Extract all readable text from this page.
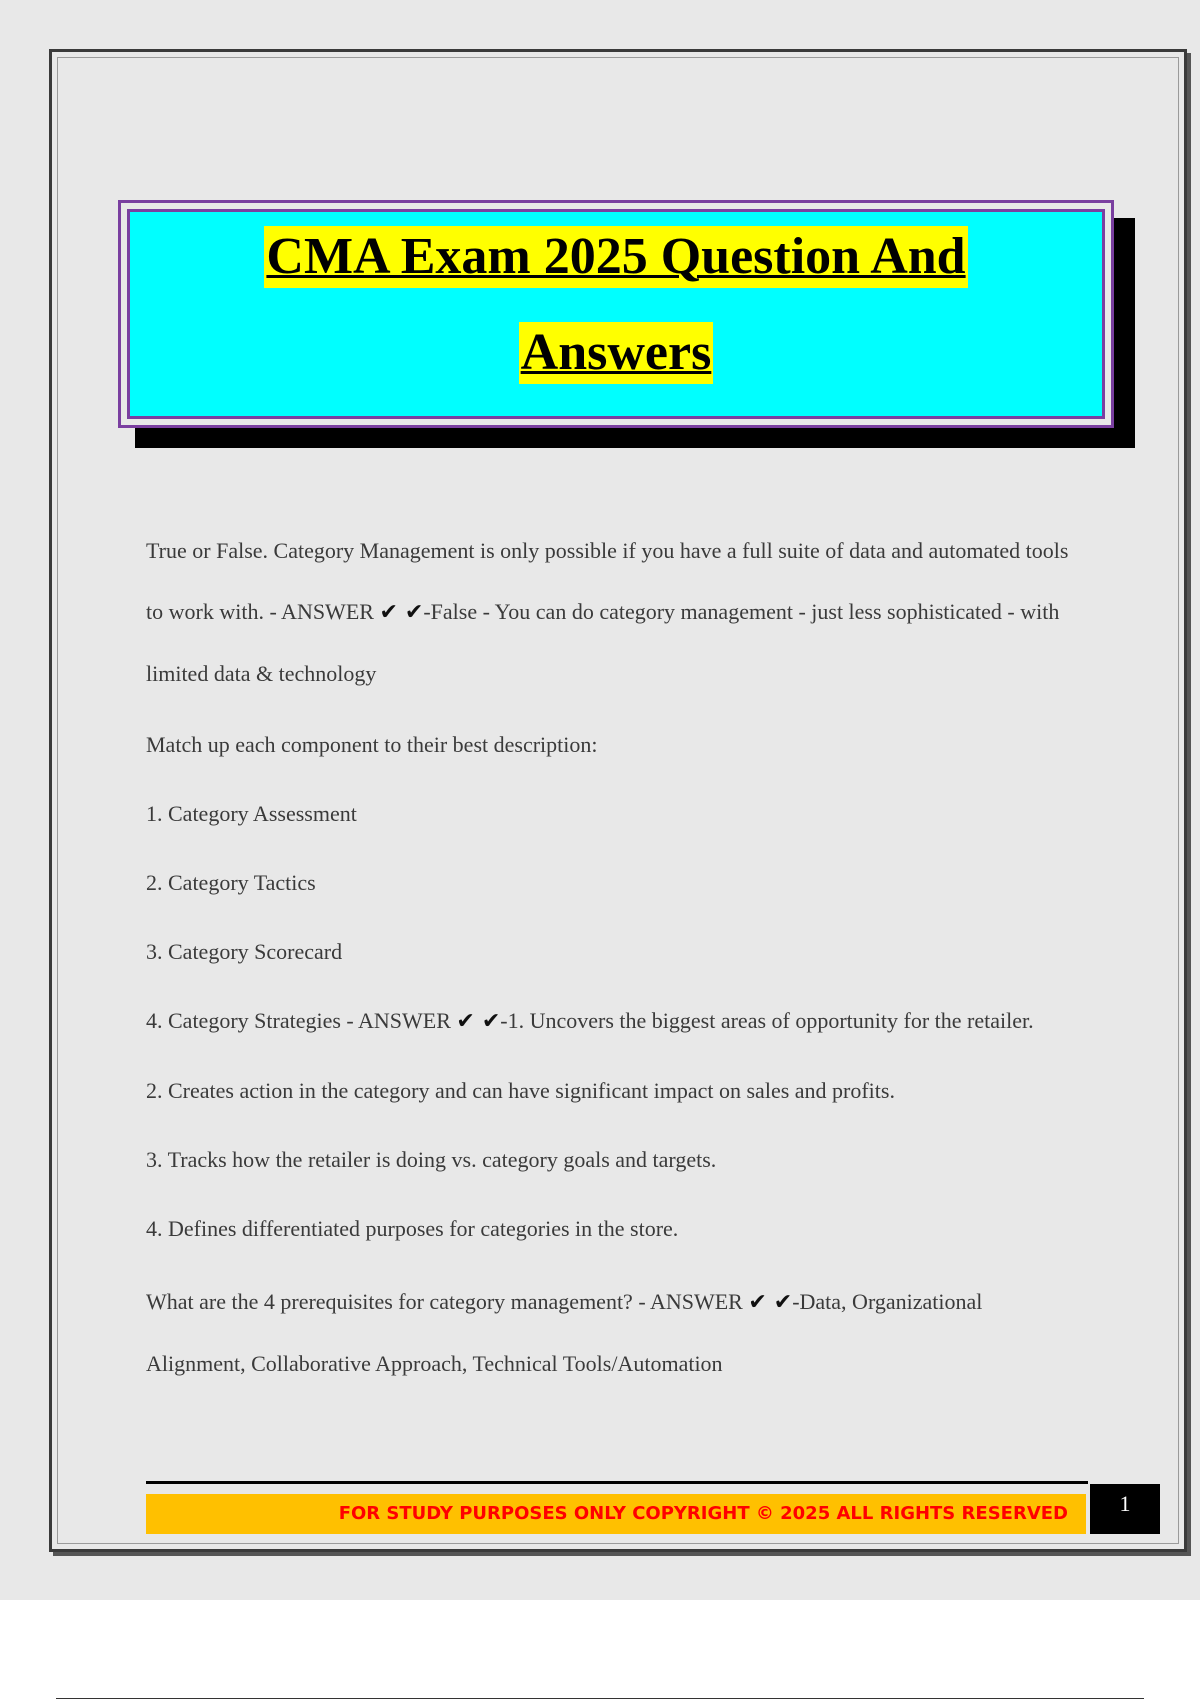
CMA Exam 2025 Question And
Answers

True or False. Category Management is only possible if you have a full suite of data and automated tools to work with. - ANSWER ✔ ✔-False - You can do category management - just less sophisticated - with limited data & technology

Match up each component to their best description:

1. Category Assessment

2. Category Tactics

3. Category Scorecard

4. Category Strategies - ANSWER ✔ ✔-1. Uncovers the biggest areas of opportunity for the retailer.

2. Creates action in the category and can have significant impact on sales and profits.

3. Tracks how the retailer is doing vs. category goals and targets.

4. Defines differentiated purposes for categories in the store.

What are the 4 prerequisites for category management? - ANSWER ✔ ✔-Data, Organizational Alignment, Collaborative Approach, Technical Tools/Automation

FOR STUDY PURPOSES ONLY COPYRIGHT © 2025 ALL RIGHTS RESERVED	1
